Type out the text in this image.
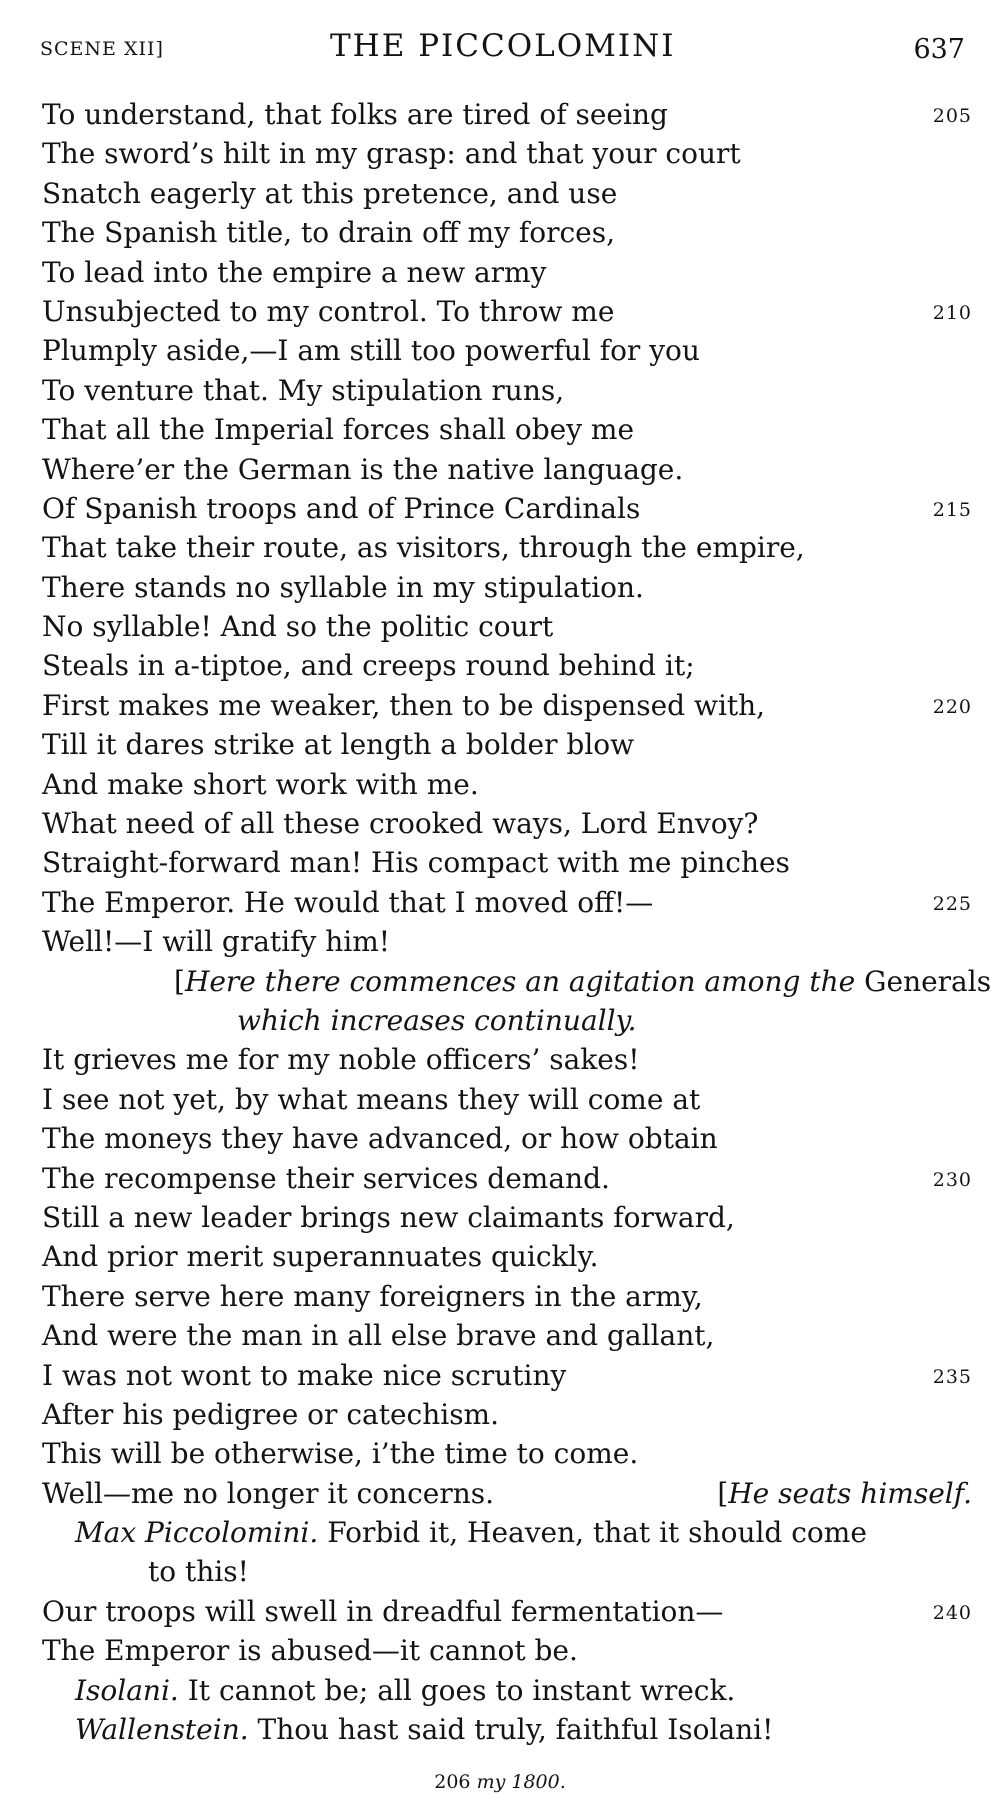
SCENE XII]	THE PICCOLOMINI	637
To understand, that folks are tired of seeing	205
The sword’s hilt in my grasp: and that your court
Snatch eagerly at this pretence, and use
The Spanish title, to drain off my forces,
To lead into the empire a new army
Unsubjected to my control. To throw me	210
Plumply aside,—I am still too powerful for you
To venture that. My stipulation runs,
That all the Imperial forces shall obey me
Where’er the German is the native language.
Of Spanish troops and of Prince Cardinals	215
That take their route, as visitors, through the empire,
There stands no syllable in my stipulation.
No syllable! And so the politic court
Steals in a-tiptoe, and creeps round behind it;
First makes me weaker, then to be dispensed with,	220
Till it dares strike at length a bolder blow
And make short work with me.
What need of all these crooked ways, Lord Envoy?
Straight-forward man! His compact with me pinches
The Emperor. He would that I moved off!—	225
Well!—I will gratify him!
[Here there commences an agitation among the Generals
which increases continually.
It grieves me for my noble officers’ sakes!
I see not yet, by what means they will come at
The moneys they have advanced, or how obtain
The recompense their services demand.	230
Still a new leader brings new claimants forward,
And prior merit superannuates quickly.
There serve here many foreigners in the army,
And were the man in all else brave and gallant,
I was not wont to make nice scrutiny	235
After his pedigree or catechism.
This will be otherwise, i’the time to come.
Well—me no longer it concerns.	[He seats himself.
Max Piccolomini. Forbid it, Heaven, that it should come
to this!
Our troops will swell in dreadful fermentation—	240
The Emperor is abused—it cannot be.
Isolani. It cannot be; all goes to instant wreck.
Wallenstein. Thou hast said truly, faithful Isolani!
206 my 1800.
